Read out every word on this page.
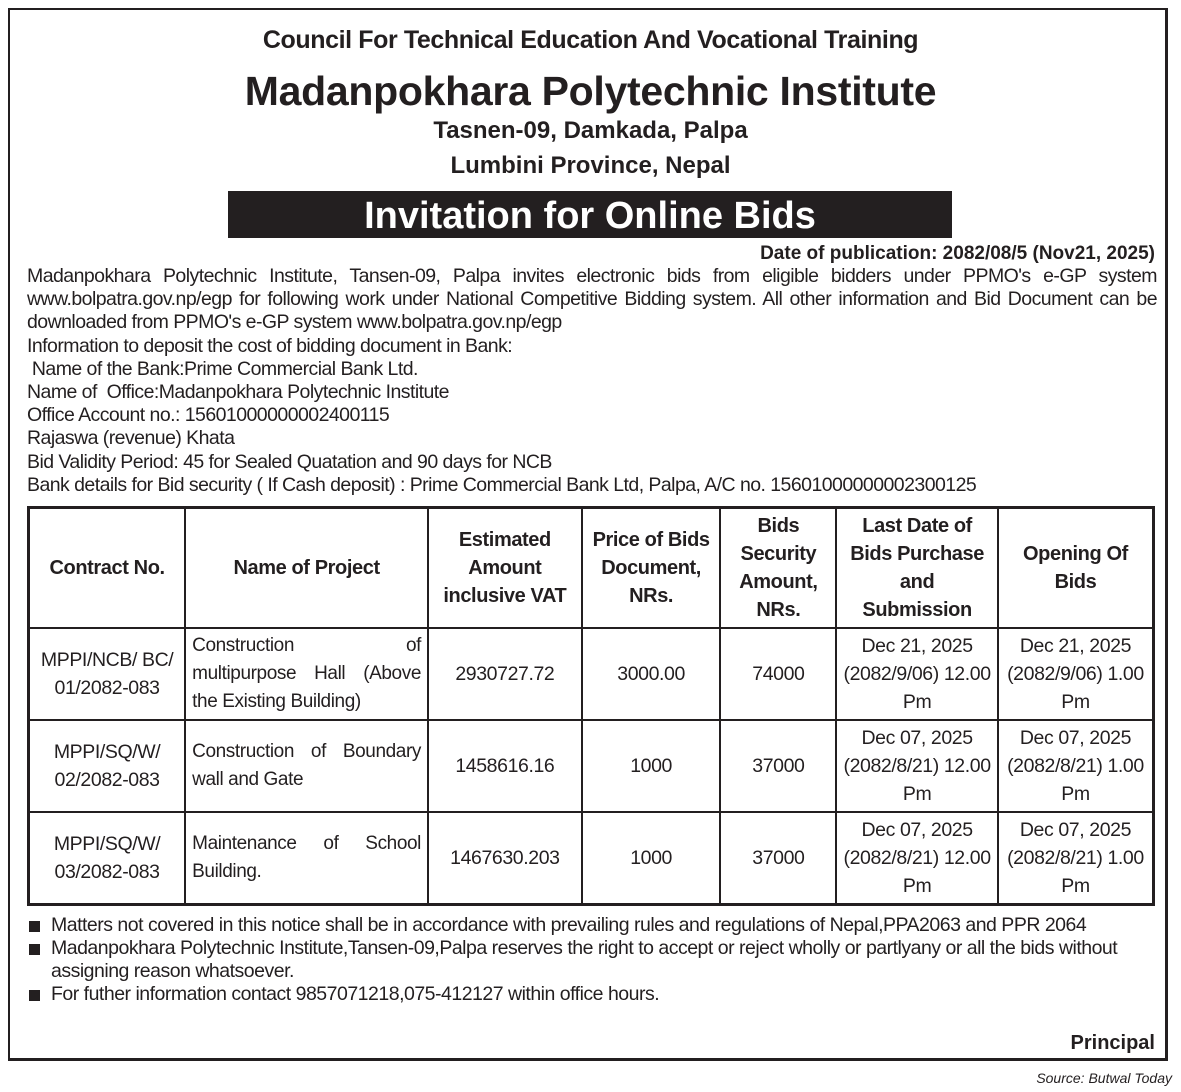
Council For Technical Education And Vocational Training
Madanpokhara Polytechnic Institute
Tasnen-09, Damkada, Palpa
Lumbini Province, Nepal
Invitation for Online Bids
Date of publication: 2082/08/5 (Nov21, 2025)
Madanpokhara Polytechnic Institute, Tansen-09, Palpa invites electronic bids from eligible bidders under PPMO's e-GP system www.bolpatra.gov.np/egp for following work under National Competitive Bidding system. All other information and Bid Document can be downloaded from PPMO's e-GP system www.bolpatra.gov.np/egp
Information to deposit the cost of bidding document in Bank:
Name of the Bank:Prime Commercial Bank Ltd.
Name of  Office:Madanpokhara Polytechnic Institute
Office Account no.: 15601000000002400115
Rajaswa (revenue) Khata
Bid Validity Period: 45 for Sealed Quatation and 90 days for NCB
Bank details for Bid security ( If Cash deposit) : Prime Commercial Bank Ltd, Palpa, A/C no. 15601000000002300125
Contract No.	Name of Project	Estimated Amount inclusive VAT	Price of Bids Document, NRs.	Bids Security Amount, NRs.	Last Date of Bids Purchase and Submission	Opening Of Bids
MPPI/NCB/ BC/ 01/2082-083	Construction of multipurpose Hall (Above the Existing Building)	2930727.72	3000.00	74000	Dec 21, 2025 (2082/9/06) 12.00 Pm	Dec 21, 2025 (2082/9/06) 1.00 Pm
MPPI/SQ/W/ 02/2082-083	Construction of Boundary wall and Gate	1458616.16	1000	37000	Dec 07, 2025 (2082/8/21) 12.00 Pm	Dec 07, 2025 (2082/8/21) 1.00 Pm
MPPI/SQ/W/ 03/2082-083	Maintenance of School Building.	1467630.203	1000	37000	Dec 07, 2025 (2082/8/21) 12.00 Pm	Dec 07, 2025 (2082/8/21) 1.00 Pm
Matters not covered in this notice shall be in accordance with prevailing rules and regulations of Nepal,PPA2063 and PPR 2064
Madanpokhara Polytechnic Institute,Tansen-09,Palpa reserves the right to accept or reject wholly or partlyany or all the bids without assigning reason whatsoever.
For futher information contact 9857071218,075-412127 within office hours.
Principal
Source: Butwal Today
